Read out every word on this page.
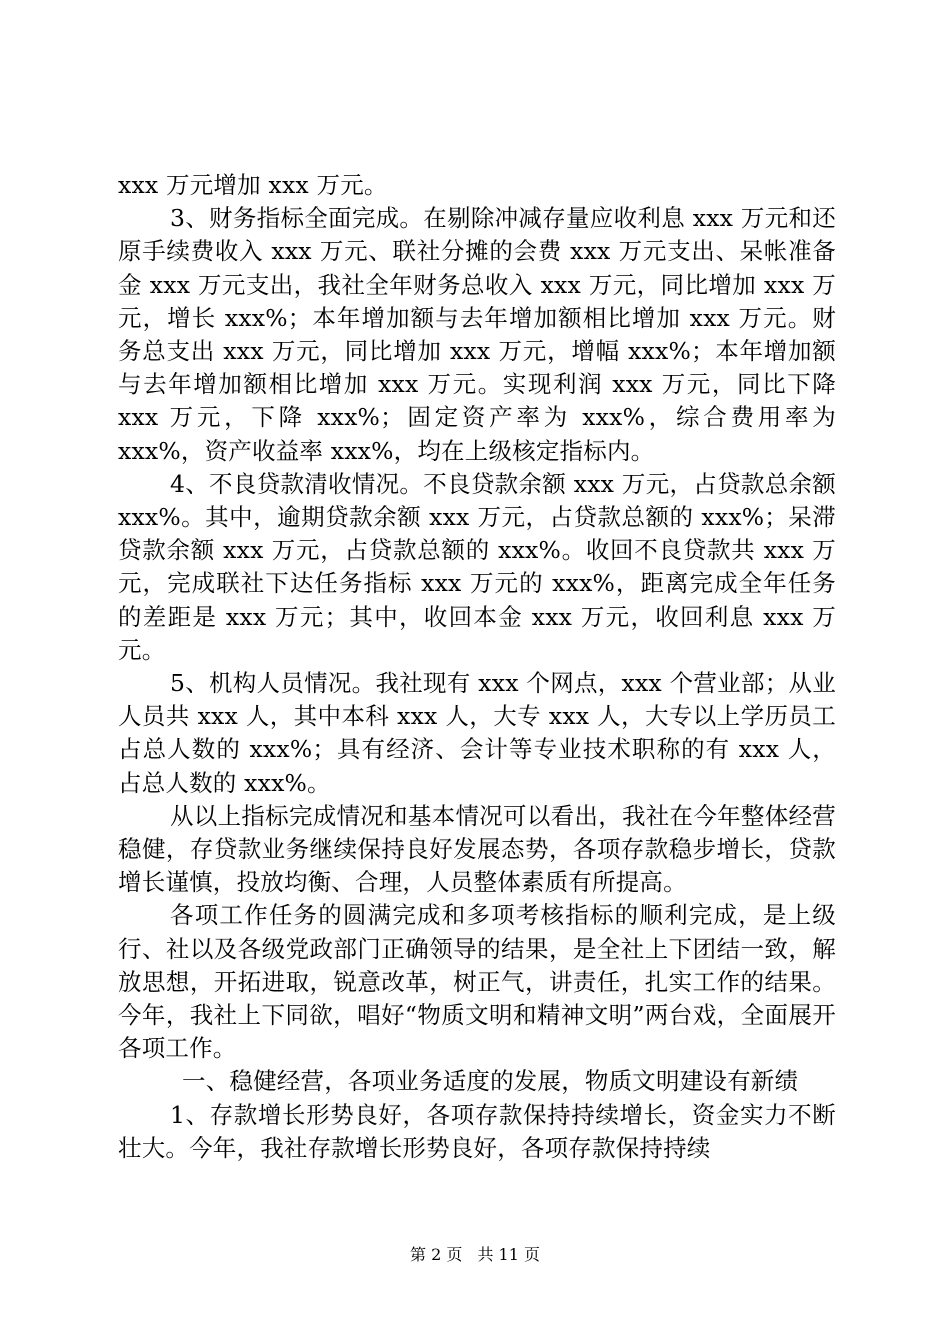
xxx 万元增加 xxx 万元。

3、财务指标全面完成。在剔除冲减存量应收利息 xxx 万元和还原手续费收入 xxx 万元、联社分摊的会费 xxx 万元支出、呆帐准备金 xxx 万元支出，我社全年财务总收入 xxx 万元，同比增加 xxx 万元，增长 xxx%；本年增加额与去年增加额相比增加 xxx 万元。财务总支出 xxx 万元，同比增加 xxx 万元，增幅 xxx%；本年增加额与去年增加额相比增加 xxx 万元。实现利润 xxx 万元，同比下降 xxx 万元，下降 xxx%；固定资产率为 xxx%，综合费用率为 xxx%，资产收益率 xxx%，均在上级核定指标内。

4、不良贷款清收情况。不良贷款余额 xxx 万元，占贷款总余额 xxx%。其中，逾期贷款余额 xxx 万元，占贷款总额的 xxx%；呆滞贷款余额 xxx 万元，占贷款总额的 xxx%。收回不良贷款共 xxx 万元，完成联社下达任务指标 xxx 万元的 xxx%，距离完成全年任务的差距是 xxx 万元；其中，收回本金 xxx 万元，收回利息 xxx 万元。

5、机构人员情况。我社现有 xxx 个网点，xxx 个营业部；从业人员共 xxx 人，其中本科 xxx 人，大专 xxx 人，大专以上学历员工占总人数的 xxx%；具有经济、会计等专业技术职称的有 xxx 人，占总人数的 xxx%。

从以上指标完成情况和基本情况可以看出，我社在今年整体经营稳健，存贷款业务继续保持良好发展态势，各项存款稳步增长，贷款增长谨慎，投放均衡、合理，人员整体素质有所提高。

各项工作任务的圆满完成和多项考核指标的顺利完成，是上级行、社以及各级党政部门正确领导的结果，是全社上下团结一致，解放思想，开拓进取，锐意改革，树正气，讲责任，扎实工作的结果。今年，我社上下同欲，唱好“物质文明和精神文明”两台戏，全面展开各项工作。

一、稳健经营，各项业务适度的发展，物质文明建设有新绩

1、存款增长形势良好，各项存款保持持续增长，资金实力不断壮大。今年，我社存款增长形势良好，各项存款保持持续

第 2 页 共 11 页
